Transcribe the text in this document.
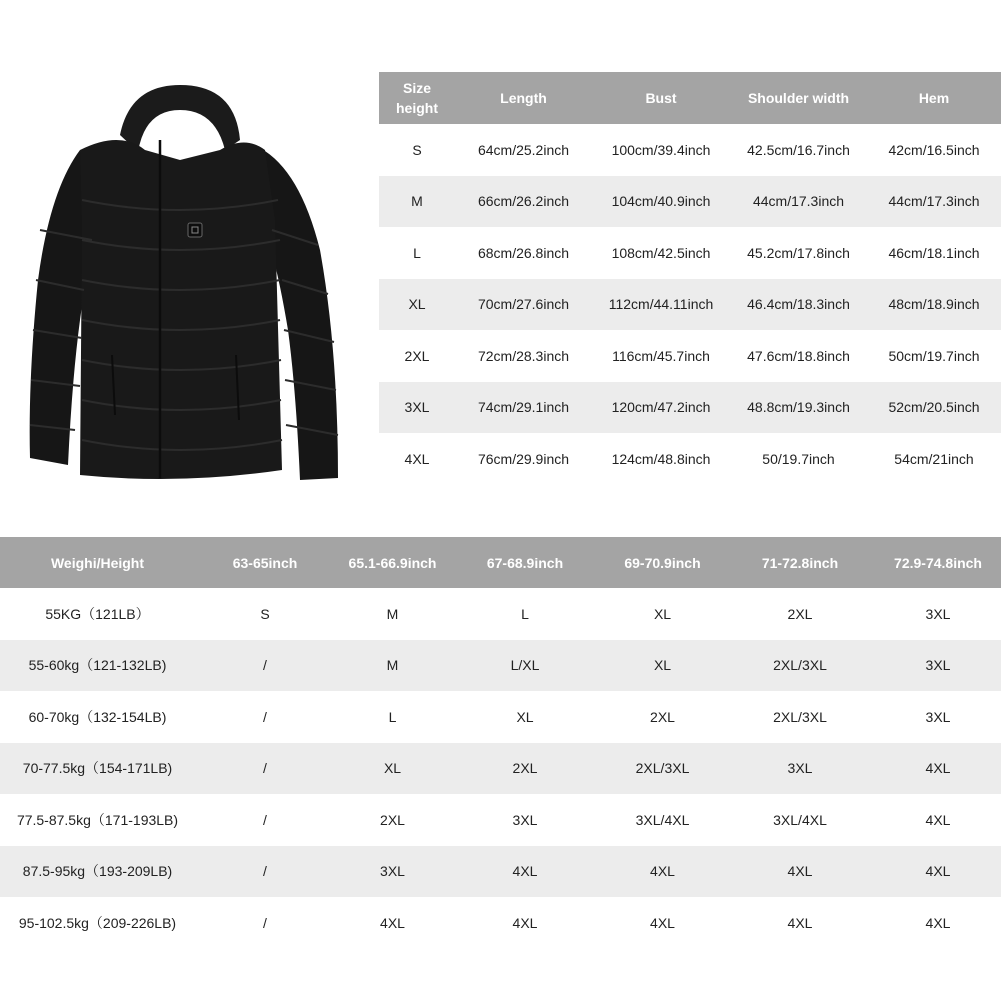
Size
height
Length	Bust	Shoulder width	Hem
S	64cm/25.2inch	100cm/39.4inch	42.5cm/16.7inch	42cm/16.5inch
M	66cm/26.2inch	104cm/40.9inch	44cm/17.3inch	44cm/17.3inch
L	68cm/26.8inch	108cm/42.5inch	45.2cm/17.8inch	46cm/18.1inch
XL	70cm/27.6inch	112cm/44.11inch	46.4cm/18.3inch	48cm/18.9inch
2XL	72cm/28.3inch	116cm/45.7inch	47.6cm/18.8inch	50cm/19.7inch
3XL	74cm/29.1inch	120cm/47.2inch	48.8cm/19.3inch	52cm/20.5inch
4XL	76cm/29.9inch	124cm/48.8inch	50/19.7inch	54cm/21inch
Weighi/Height	63-65inch	65.1-66.9inch	67-68.9inch	69-70.9inch	71-72.8inch	72.9-74.8inch
55KG（121LB）	S	M	L	XL	2XL	3XL
55-60kg（121-132LB)	/	M	L/XL	XL	2XL/3XL	3XL
60-70kg（132-154LB)	/	L	XL	2XL	2XL/3XL	3XL
70-77.5kg（154-171LB)	/	XL	2XL	2XL/3XL	3XL	4XL
77.5-87.5kg（171-193LB)	/	2XL	3XL	3XL/4XL	3XL/4XL	4XL
87.5-95kg（193-209LB)	/	3XL	4XL	4XL	4XL	4XL
95-102.5kg（209-226LB)	/	4XL	4XL	4XL	4XL	4XL
